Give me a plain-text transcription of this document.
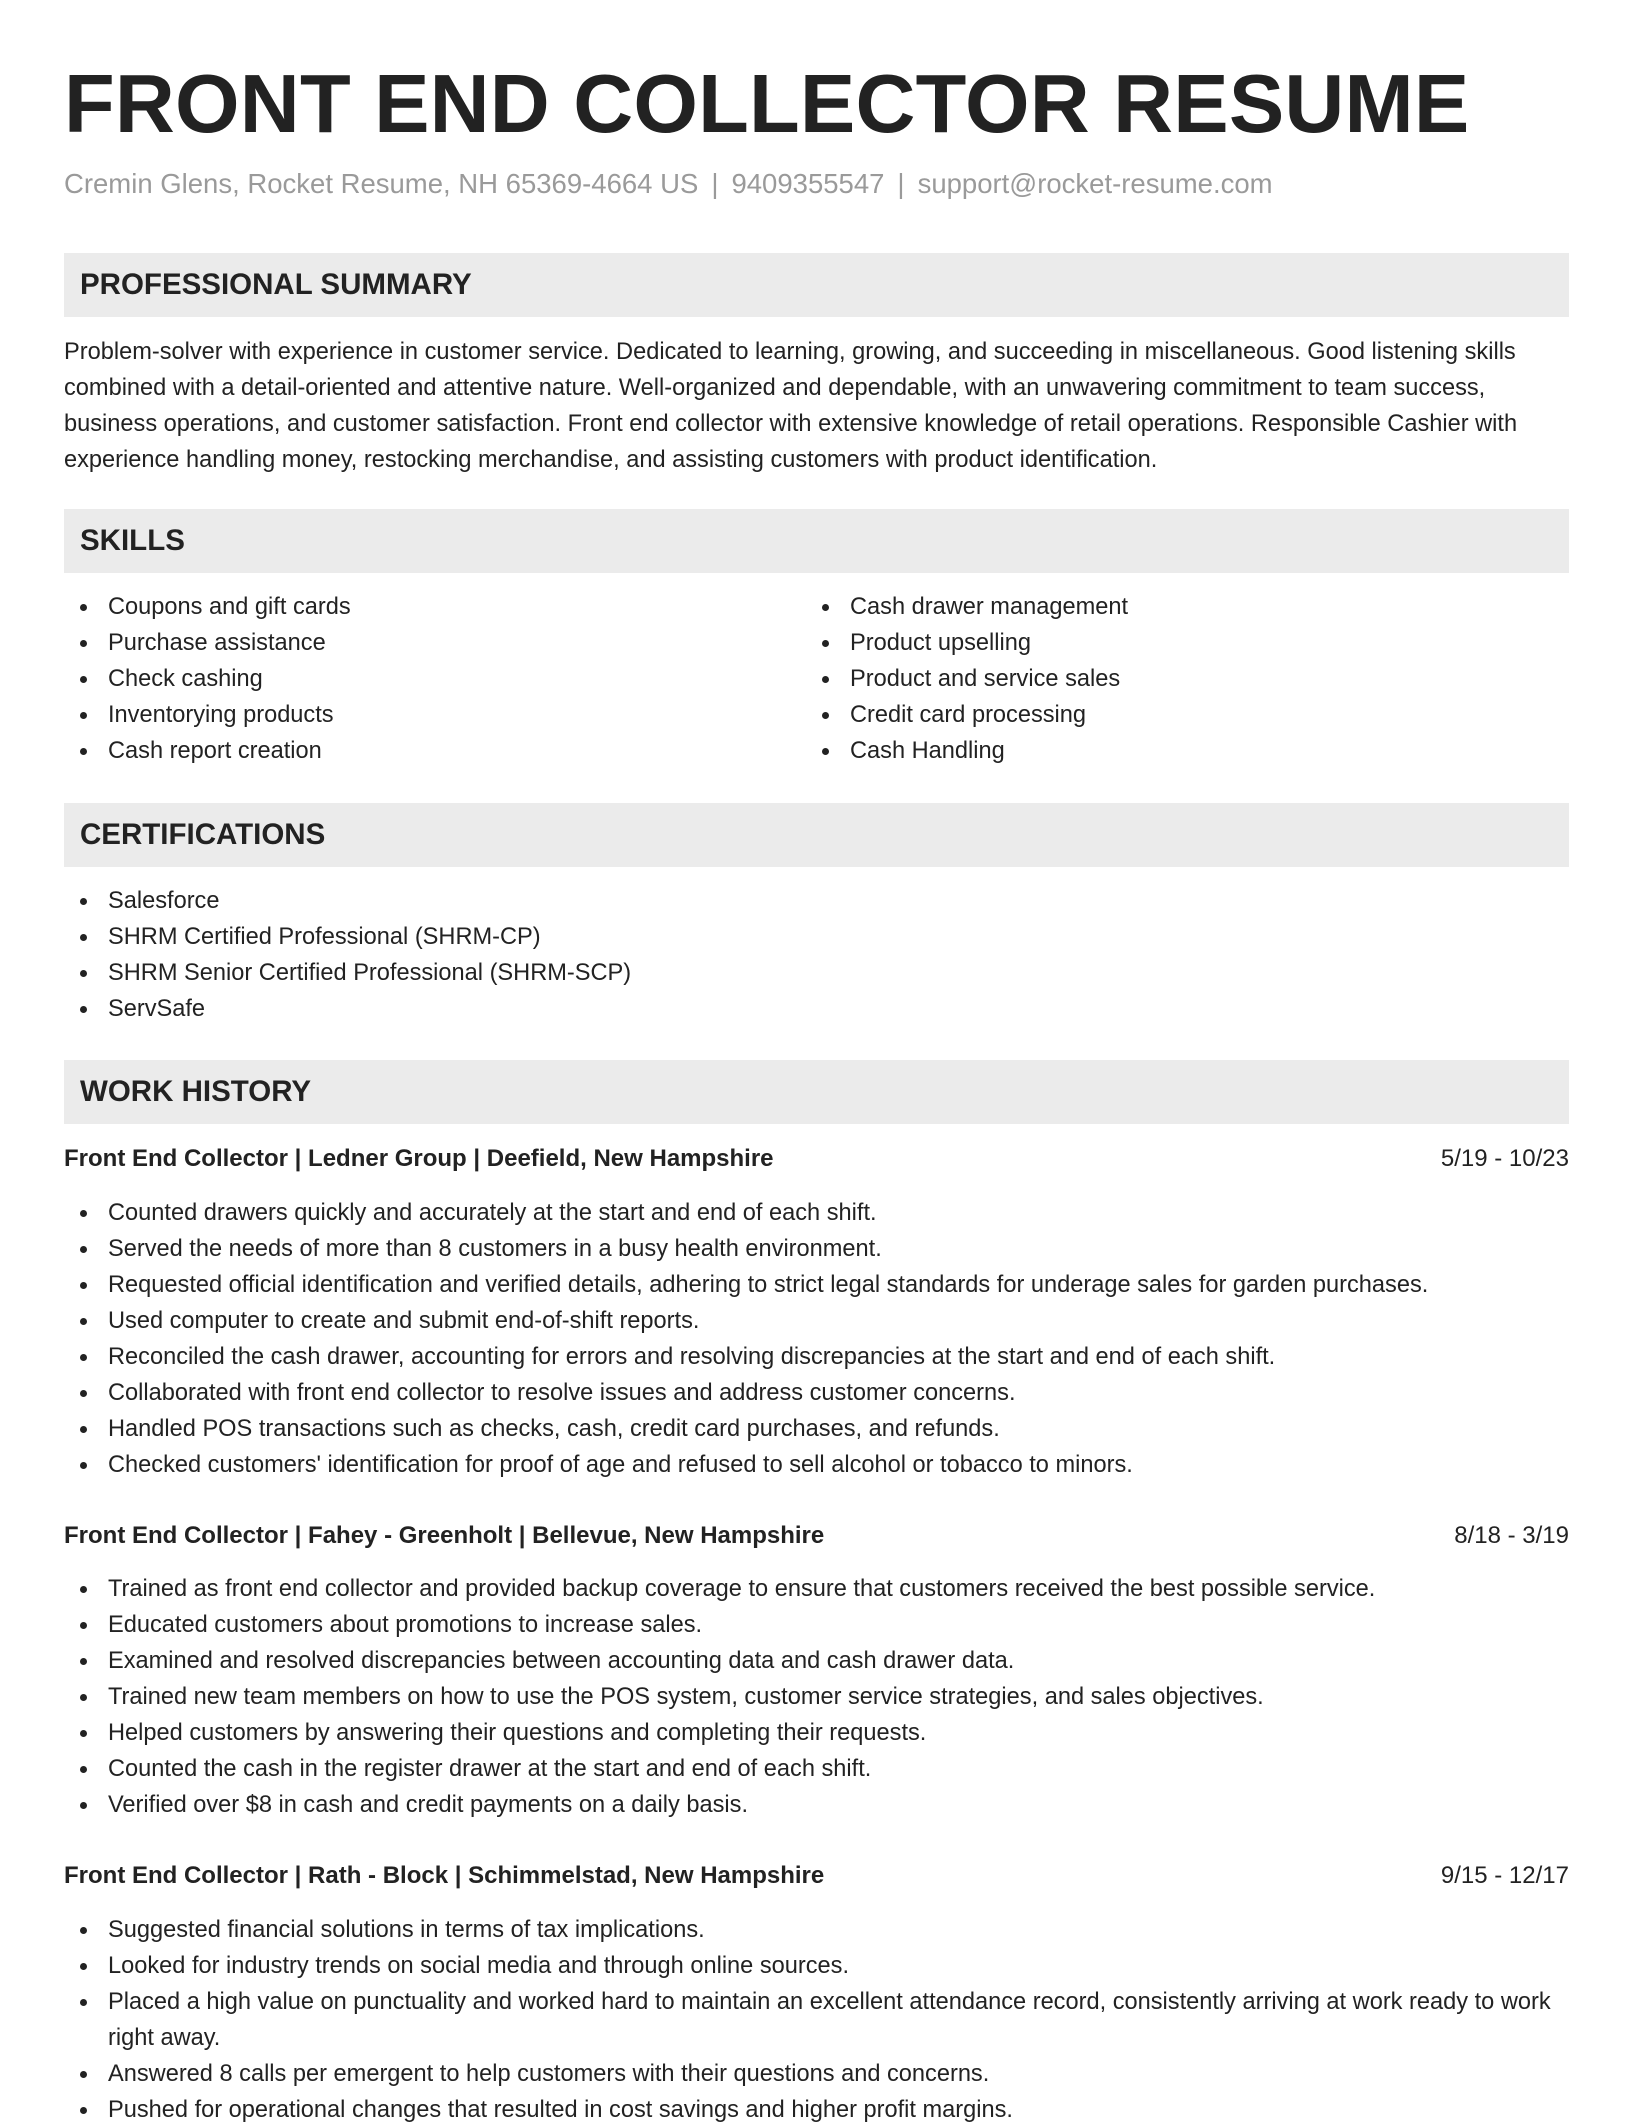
FRONT END COLLECTOR RESUME
Cremin Glens, Rocket Resume, NH 65369-4664 US | 9409355547 | support@rocket-resume.com
PROFESSIONAL SUMMARY

Problem-solver with experience in customer service. Dedicated to learning, growing, and succeeding in miscellaneous. Good listening skills combined with a detail-oriented and attentive nature. Well-organized and dependable, with an unwavering commitment to team success, business operations, and customer satisfaction. Front end collector with extensive knowledge of retail operations. Responsible Cashier with experience handling money, restocking merchandise, and assisting customers with product identification.

SKILLS
Coupons and gift cards
Purchase assistance
Check cashing
Inventorying products
Cash report creation
Cash drawer management
Product upselling
Product and service sales
Credit card processing
Cash Handling
CERTIFICATIONS
Salesforce
SHRM Certified Professional (SHRM-CP)
SHRM Senior Certified Professional (SHRM-SCP)
ServSafe
WORK HISTORY
Front End Collector | Ledner Group | Deefield, New Hampshire	5/19 - 10/23
Counted drawers quickly and accurately at the start and end of each shift.
Served the needs of more than 8 customers in a busy health environment.
Requested official identification and verified details, adhering to strict legal standards for underage sales for garden purchases.
Used computer to create and submit end-of-shift reports.
Reconciled the cash drawer, accounting for errors and resolving discrepancies at the start and end of each shift.
Collaborated with front end collector to resolve issues and address customer concerns.
Handled POS transactions such as checks, cash, credit card purchases, and refunds.
Checked customers' identification for proof of age and refused to sell alcohol or tobacco to minors.
Front End Collector | Fahey - Greenholt | Bellevue, New Hampshire	8/18 - 3/19
Trained as front end collector and provided backup coverage to ensure that customers received the best possible service.
Educated customers about promotions to increase sales.
Examined and resolved discrepancies between accounting data and cash drawer data.
Trained new team members on how to use the POS system, customer service strategies, and sales objectives.
Helped customers by answering their questions and completing their requests.
Counted the cash in the register drawer at the start and end of each shift.
Verified over $8 in cash and credit payments on a daily basis.
Front End Collector | Rath - Block | Schimmelstad, New Hampshire	9/15 - 12/17
Suggested financial solutions in terms of tax implications.
Looked for industry trends on social media and through online sources.
Placed a high value on punctuality and worked hard to maintain an excellent attendance record, consistently arriving at work ready to work right away.
Answered 8 calls per emergent to help customers with their questions and concerns.
Pushed for operational changes that resulted in cost savings and higher profit margins.
